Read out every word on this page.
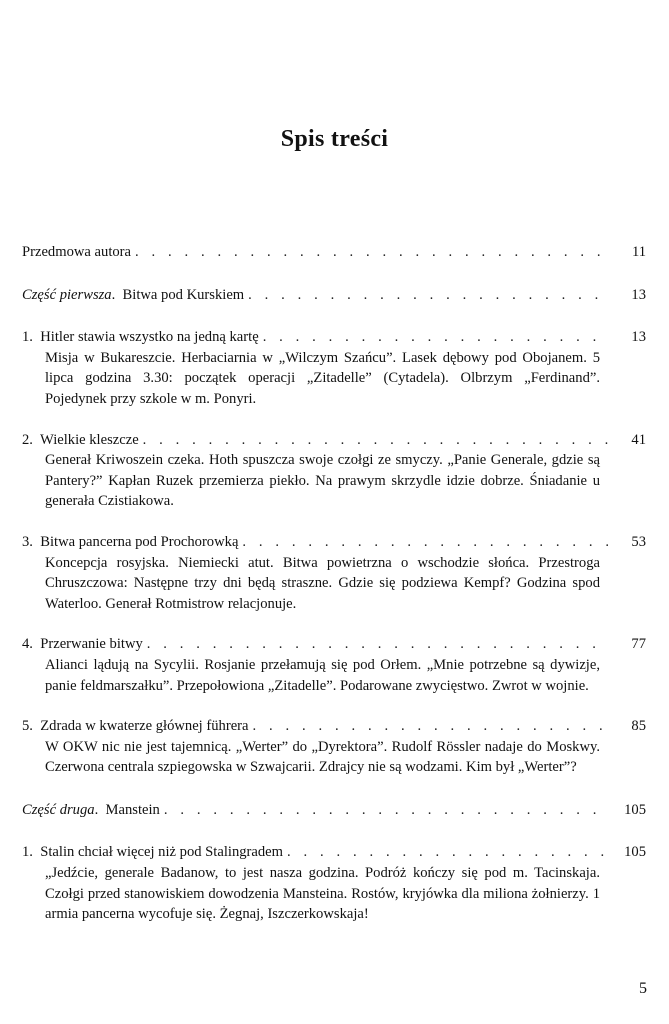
Spis treści
Przedmowa autora . . .	11
Część pierwsza.  Bitwa pod Kurskiem . . .	13
1. Hitler stawia wszystko na jedną kartę . . .	13
Misja w Bukareszcie. Herbaciarnia w „Wilczym Szańcu”. Lasek dębowy pod Obojanem. 5 lipca godzina 3.30: początek operacji „Zitadelle” (Cytadela). Olbrzym „Ferdinand”. Pojedynek przy szkole w m. Ponyri.
2. Wielkie kleszcze . . .	41
Generał Kriwoszein czeka. Hoth spuszcza swoje czołgi ze smyczy. „Panie Generale, gdzie są Pantery?” Kapłan Ruzek przemierza piekło. Na prawym skrzydle idzie dobrze. Śniadanie u generała Czistiakowa.
3. Bitwa pancerna pod Prochorowką . . .	53
Koncepcja rosyjska. Niemiecki atut. Bitwa powietrzna o wschodzie słońca. Przestroga Chruszczowa: Następne trzy dni będą straszne. Gdzie się podziewa Kempf? Godzina spod Waterloo. Generał Rotmistrow relacjonuje.
4. Przerwanie bitwy . . .	77
Alianci lądują na Sycylii. Rosjanie przełamują się pod Orłem. „Mnie potrzebne są dywizje, panie feldmarszałku”. Przepołowiona „Zitadelle”. Podarowane zwycięstwo. Zwrot w wojnie.
5. Zdrada w kwaterze głównej führera . . .	85
W OKW nic nie jest tajemnicą. „Werter” do „Dyrektora”. Rudolf Rössler nadaje do Moskwy. Czerwona centrala szpiegowska w Szwajcarii. Zdrajcy nie są wodzami. Kim był „Werter”?
Część druga.  Manstein . . .	105
1. Stalin chciał więcej niż pod Stalingradem . . .	105
„Jedźcie, generale Badanow, to jest nasza godzina. Podróż kończy się pod m. Tacinskaja. Czołgi przed stanowiskiem dowodzenia Mansteina. Rostów, kryjówka dla miliona żołnierzy. 1 armia pancerna wycofuje się. Żegnaj, Iszczerkowskaja!
5
